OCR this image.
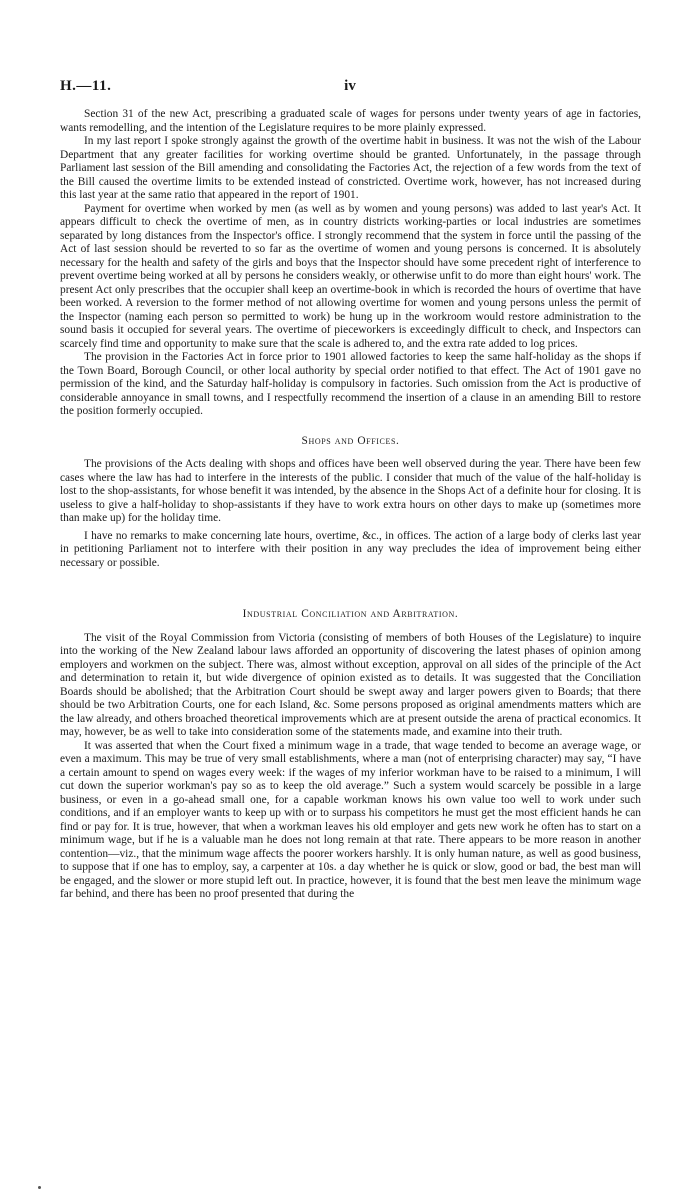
H.—11.	iv

Section 31 of the new Act, prescribing a graduated scale of wages for persons under twenty years of age in factories, wants remodelling, and the intention of the Legislature requires to be more plainly expressed.

In my last report I spoke strongly against the growth of the overtime habit in business. It was not the wish of the Labour Department that any greater facilities for working overtime should be granted. Unfortunately, in the passage through Parliament last session of the Bill amending and consolidating the Factories Act, the rejection of a few words from the text of the Bill caused the overtime limits to be extended instead of constricted. Overtime work, however, has not increased during this last year at the same ratio that appeared in the report of 1901.

Payment for overtime when worked by men (as well as by women and young persons) was added to last year's Act. It appears difficult to check the overtime of men, as in country districts working-parties or local industries are sometimes separated by long distances from the Inspector's office. I strongly recommend that the system in force until the passing of the Act of last session should be reverted to so far as the overtime of women and young persons is concerned. It is absolutely necessary for the health and safety of the girls and boys that the Inspector should have some precedent right of interference to prevent overtime being worked at all by persons he considers weakly, or otherwise unfit to do more than eight hours' work. The present Act only prescribes that the occupier shall keep an overtime-book in which is recorded the hours of overtime that have been worked. A reversion to the former method of not allowing overtime for women and young persons unless the permit of the Inspector (naming each person so permitted to work) be hung up in the workroom would restore administration to the sound basis it occupied for several years. The overtime of pieceworkers is exceedingly difficult to check, and Inspectors can scarcely find time and opportunity to make sure that the scale is adhered to, and the extra rate added to log prices.

The provision in the Factories Act in force prior to 1901 allowed factories to keep the same half-holiday as the shops if the Town Board, Borough Council, or other local authority by special order notified to that effect. The Act of 1901 gave no permission of the kind, and the Saturday half-holiday is compulsory in factories. Such omission from the Act is productive of considerable annoyance in small towns, and I respectfully recommend the insertion of a clause in an amending Bill to restore the position formerly occupied.

Shops and Offices.

The provisions of the Acts dealing with shops and offices have been well observed during the year. There have been few cases where the law has had to interfere in the interests of the public. I consider that much of the value of the half-holiday is lost to the shop-assistants, for whose benefit it was intended, by the absence in the Shops Act of a definite hour for closing. It is useless to give a half-holiday to shop-assistants if they have to work extra hours on other days to make up (sometimes more than make up) for the holiday time.

I have no remarks to make concerning late hours, overtime, &c., in offices. The action of a large body of clerks last year in petitioning Parliament not to interfere with their position in any way precludes the idea of improvement being either necessary or possible.

Industrial Conciliation and Arbitration.

The visit of the Royal Commission from Victoria (consisting of members of both Houses of the Legislature) to inquire into the working of the New Zealand labour laws afforded an opportunity of discovering the latest phases of opinion among employers and workmen on the subject. There was, almost without exception, approval on all sides of the principle of the Act and determination to retain it, but wide divergence of opinion existed as to details. It was suggested that the Conciliation Boards should be abolished; that the Arbitration Court should be swept away and larger powers given to Boards; that there should be two Arbitration Courts, one for each Island, &c. Some persons proposed as original amendments matters which are the law already, and others broached theoretical improvements which are at present outside the arena of practical economics. It may, however, be as well to take into consideration some of the statements made, and examine into their truth.

It was asserted that when the Court fixed a minimum wage in a trade, that wage tended to become an average wage, or even a maximum. This may be true of very small establishments, where a man (not of enterprising character) may say, “I have a certain amount to spend on wages every week: if the wages of my inferior workman have to be raised to a minimum, I will cut down the superior workman's pay so as to keep the old average.” Such a system would scarcely be possible in a large business, or even in a go-ahead small one, for a capable workman knows his own value too well to work under such conditions, and if an employer wants to keep up with or to surpass his competitors he must get the most efficient hands he can find or pay for. It is true, however, that when a workman leaves his old employer and gets new work he often has to start on a minimum wage, but if he is a valuable man he does not long remain at that rate. There appears to be more reason in another contention—viz., that the minimum wage affects the poorer workers harshly. It is only human nature, as well as good business, to suppose that if one has to employ, say, a carpenter at 10s. a day whether he is quick or slow, good or bad, the best man will be engaged, and the slower or more stupid left out. In practice, however, it is found that the best men leave the minimum wage far behind, and there has been no proof presented that during the
